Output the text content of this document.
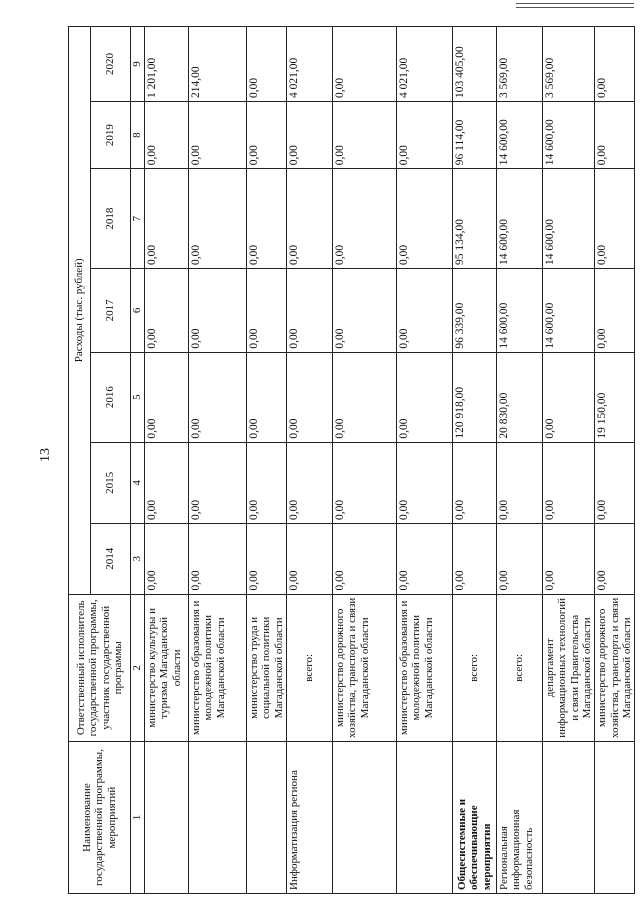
13
Наименование государственной программы, мероприятий	Ответственный исполнитель государственной программы, участник государственной программы	Расходы (тыс. рублей)						
		2014	2015	2016	2017	2018	2019	2020
1	2	3	4	5	6	7	8	9
	министерство культуры и туризма Магаданской области	0,00	0,00	0,00	0,00	0,00	0,00	1 201,00
	министерство образования и молодежной политики Магаданской области	0,00	0,00	0,00	0,00	0,00	0,00	214,00
	министерство труда и социальной политики Магаданской области	0,00	0,00	0,00	0,00	0,00	0,00	0,00
Информатизация региона	всего:	0,00	0,00	0,00	0,00	0,00	0,00	4 021,00
	министерство дорожного хозяйства, транспорта и связи Магаданской области	0,00	0,00	0,00	0,00	0,00	0,00	0,00
	министерство образования и молодежной политики Магаданской области	0,00	0,00	0,00	0,00	0,00	0,00	4 021,00
Общесистемные и обеспечивающие мероприятия	всего:	0,00	0,00	120 918,00	96 339,00	95 134,00	96 114,00	103 405,00
Региональная информационная безопасность	всего:	0,00	0,00	20 830,00	14 600,00	14 600,00	14 600,00	3 569,00
	департамент информационных технологий и связи Правительства Магаданской области	0,00	0,00	0,00	14 600,00	14 600,00	14 600,00	3 569,00
	министерство дорожного хозяйства, транспорта и связи Магаданской области	0,00	0,00	19 150,00	0,00	0,00	0,00	0,00
